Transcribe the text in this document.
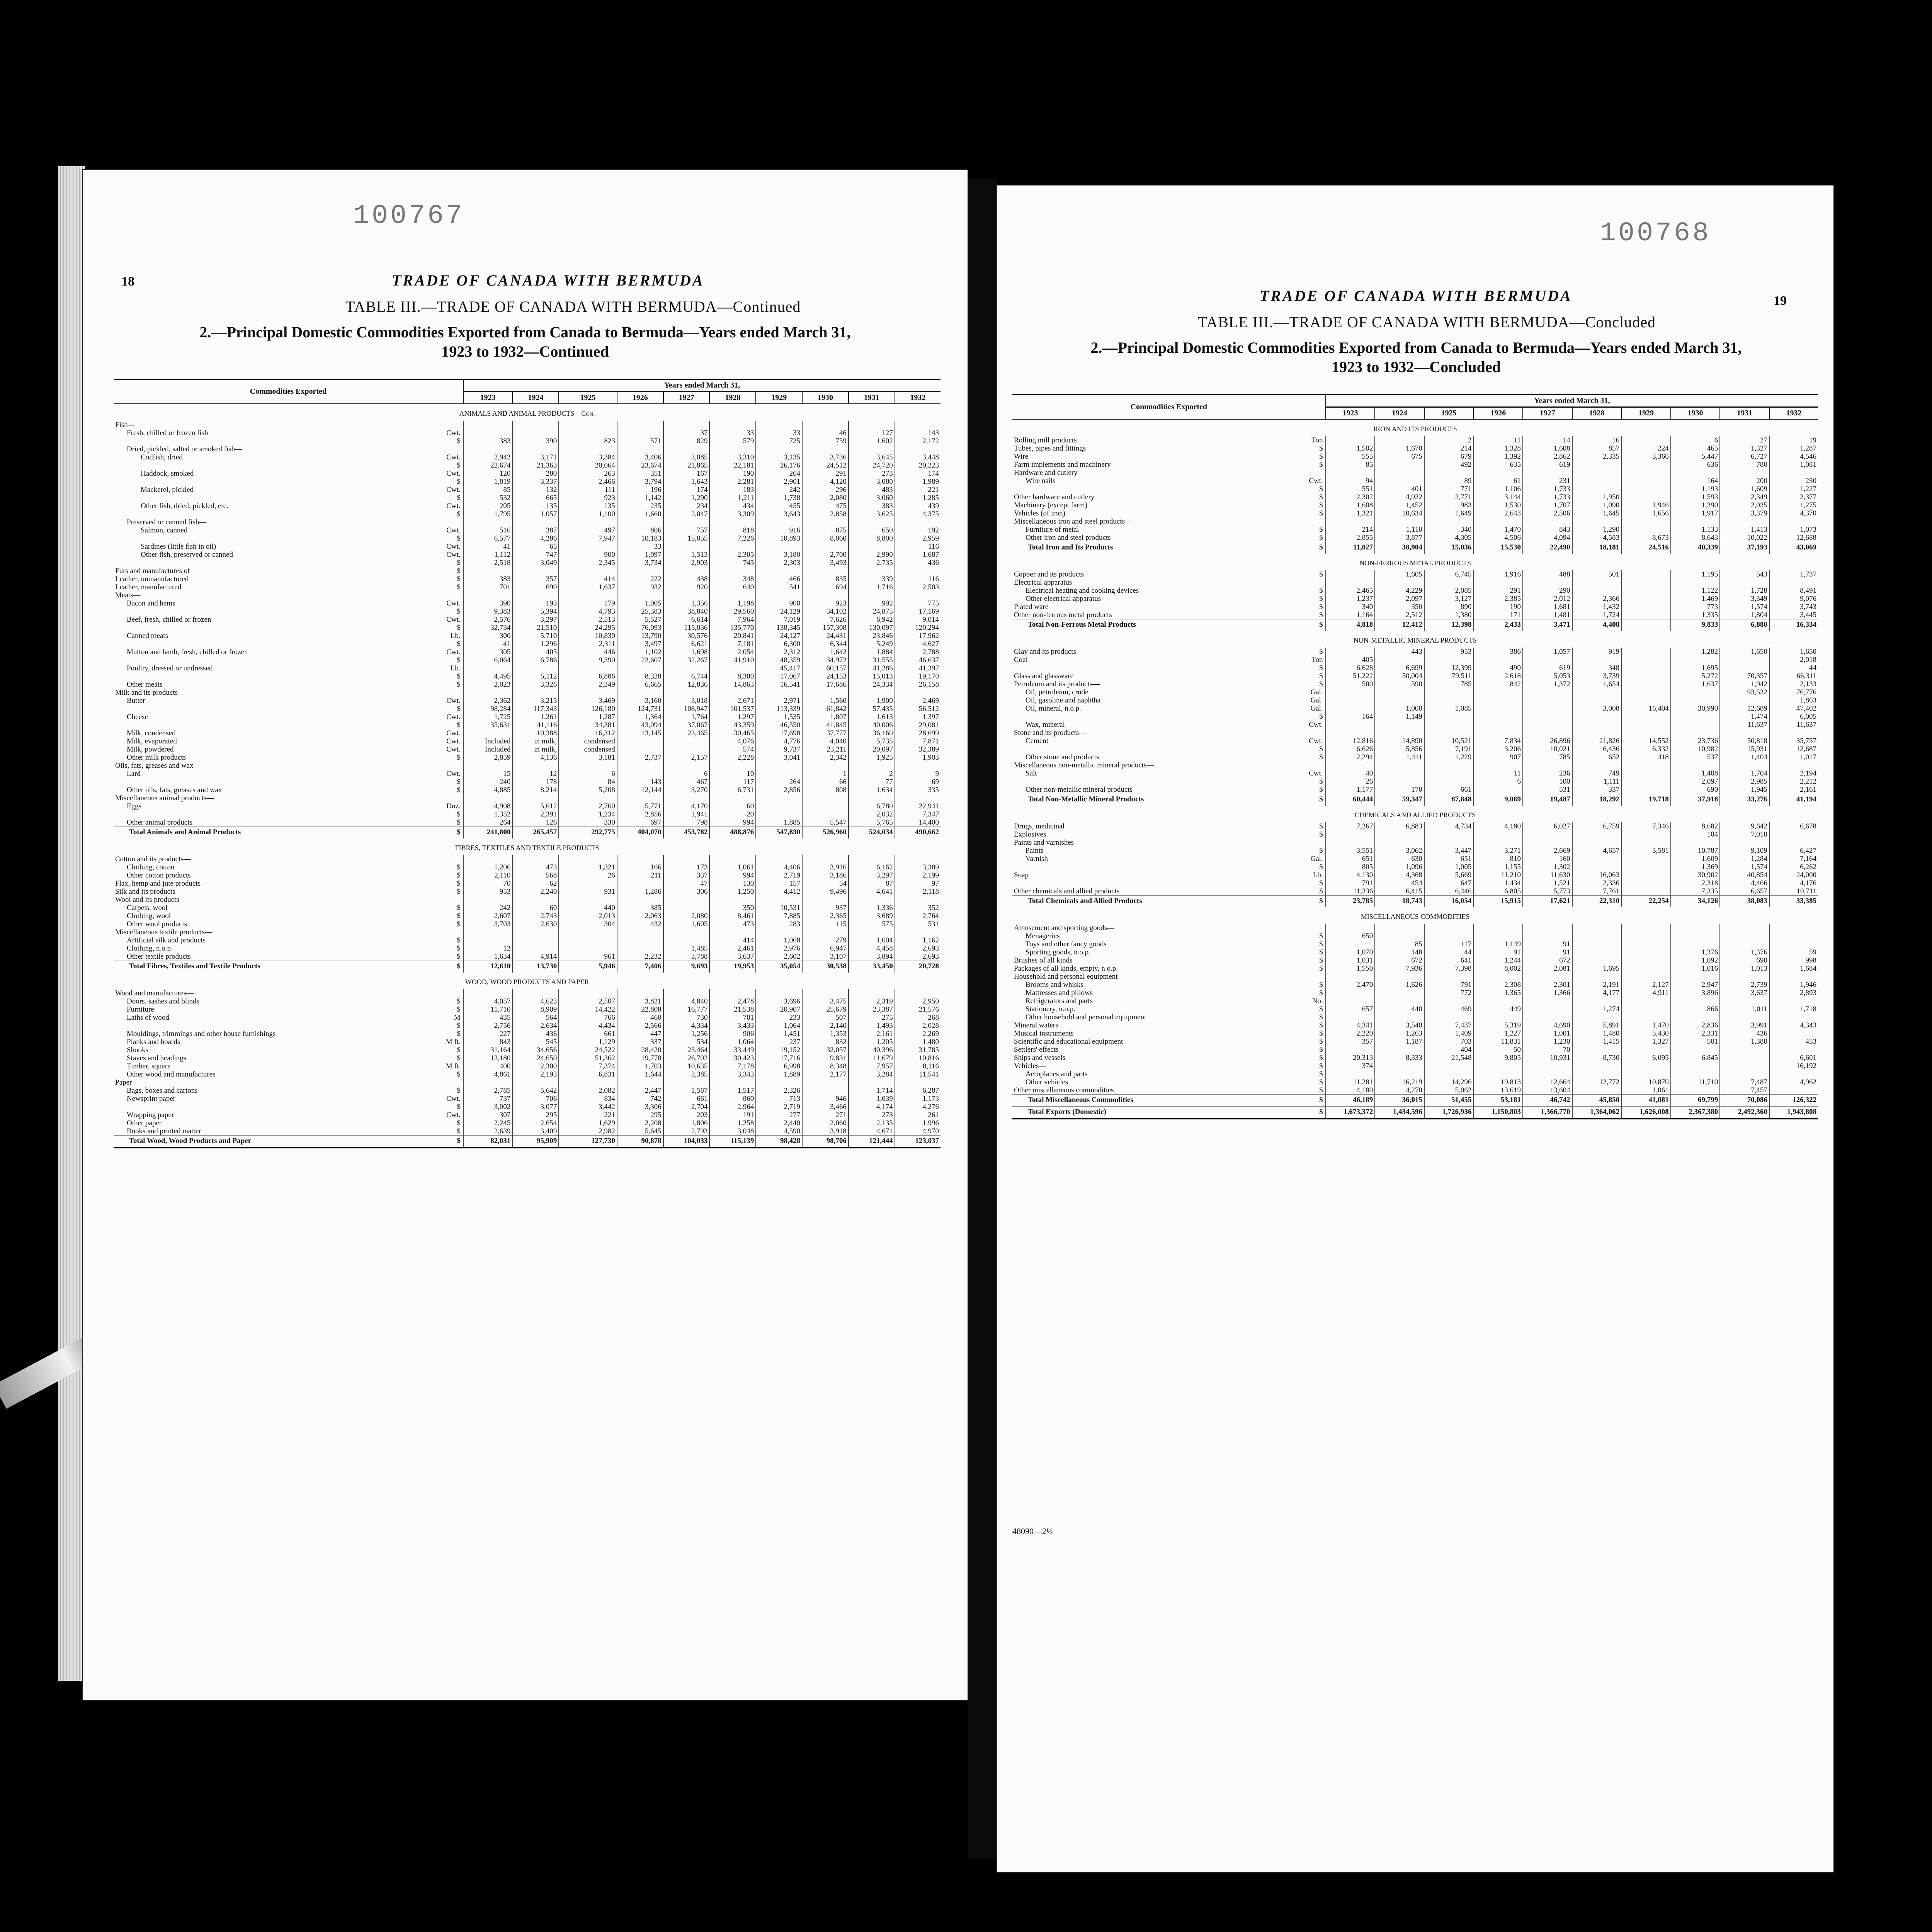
100767
18	TRADE OF CANADA WITH BERMUDA
TABLE III.—TRADE OF CANADA WITH BERMUDA—Continued
2.—Principal Domestic Commodities Exported from Canada to Bermuda—Years ended March 31,
1923 to 1932—Continued
Commodities Exported		Years ended March 31,									
		1923	1924	1925	1926	1927	1928	1929	1930	1931	1932
ANIMALS AND ANIMAL PRODUCTS—Con.											
Fish—											
Fresh, chilled or frozen fish	Cwt.					37	33	33	46	127	143
	$	383	390	823	571	829	579	725	759	1,602	2,172
Dried, pickled, salted or smoked fish—											
Codfish, dried	Cwt.	2,942	3,171	3,384	3,406	3,085	3,310	3,135	3,736	3,645	3,448
	$	22,674	21,363	20,064	23,674	21,865	22,181	26,176	24,512	24,720	20,223
Haddock, smoked	Cwt.	120	280	263	351	167	190	264	291	273	174
	$	1,819	3,337	2,466	3,794	1,643	2,281	2,901	4,120	3,080	1,989
Mackerel, pickled	Cwt.	85	132	111	196	174	183	242	296	483	221
	$	532	665	923	1,142	1,290	1,211	1,738	2,080	3,060	1,285
Other fish, dried, pickled, etc.	Cwt.	205	135	135	235	234	434	455	475	383	439
	$	1,795	1,057	1,100	1,660	2,047	3,309	3,643	2,858	3,625	4,375
Preserved or canned fish—											
Salmon, canned	Cwt.	516	387	497	806	757	818	916	875	650	192
	$	6,577	4,286	7,947	10,183	15,055	7,226	10,893	8,060	8,800	2,959
Sardines (little fish in oil)	Cwt.	41	65		33						116
Other fish, preserved or canned	Cwt.	1,112	747	900	1,097	1,513	2,305	3,180	2,700	2,990	1,687
	$	2,518	3,049	2,345	3,734	2,903	745	2,303	3,493	2,735	436
Furs and manufactures of	$										
Leather, unmanufactured	$	383	357	414	222	438	348	466	835	339	116
Leather, manufactured	$	701	690	1,637	932	920	640	541	694	1,716	2,503
Meats—											
Bacon and hams	Cwt.	390	193	179	1,005	1,356	1,198	900	923	992	775
	$	9,383	5,394	4,793	25,383	38,840	29,560	24,129	34,102	24,875	17,169
Beef, fresh, chilled or frozen	Cwt.	2,576	3,297	2,513	5,527	6,614	7,964	7,019	7,626	6,942	9,014
	$	32,734	21,510	24,295	76,093	115,036	135,770	138,345	157,308	130,097	120,294
Canned meats	Lb.	300	5,710	10,830	13,790	30,576	20,841	24,127	24,431	23,846	17,962
	$	41	1,296	2,311	3,497	6,621	7,181	6,300	6,344	5,249	4,627
Mutton and lamb, fresh, chilled or frozen	Cwt.	305	405	446	1,102	1,698	2,054	2,312	1,642	1,884	2,788
	$	6,064	6,786	9,390	22,607	32,267	41,910	48,359	34,972	31,555	46,637
Poultry, dressed or undressed	Lb.							45,417	60,157	41,286	41,397
	$	4,495	5,112	6,886	8,328	6,744	8,300	17,067	24,153	15,013	19,170
Other meats	$	2,023	3,326	2,349	6,665	12,836	14,863	16,541	17,686	24,334	26,158
Milk and its products—											
Butter	Cwt.	2,362	3,215	3,469	3,160	3,018	2,671	2,971	1,560	1,900	2,469
	$	98,284	117,343	126,180	124,731	108,947	101,537	113,339	61,842	57,435	56,512
Cheese	Cwt.	1,725	1,261	1,287	1,364	1,764	1,297	1,535	1,807	1,613	1,397
	$	35,631	41,116	34,381	43,094	37,067	43,359	46,550	41,845	40,006	29,081
Milk, condensed	Cwt.		10,388	16,312	13,145	23,465	30,465	17,698	37,777	36,160	28,699
Milk, evaporated	Cwt.	Included	in milk,	condensed			4,076	4,776	4,040	5,735	7,871
Milk, powdered	Cwt.	Included	in milk,	condensed			574	9,737	23,211	20,097	32,389
Other milk products	$	2,859	4,136	3,181	2,737	2,157	2,228	3,041	2,342	1,925	1,903
Oils, fats, greases and wax—											
Lard	Cwt.	15	12	6		6	10		1	2	9
	$	240	178	84	143	467	117	264	66	77	69
Other oils, fats, greases and wax	$	4,885	8,214	5,208	12,144	3,270	6,731	2,856	808	1,634	335
Miscellaneous animal products—											
Eggs	Doz.	4,908	5,612	2,760	5,771	4,170	60			6,780	22,941
	$	1,352	2,391	1,234	2,856	1,941	20			2,032	7,347
Other animal products	$	264	126	330	697	798	994	1,885	5,547	5,765	14,400
Total Animals and Animal Products	$	241,800	265,457	292,775	404,070	453,782	488,876	547,830	526,960	524,034	490,662
FIBRES, TEXTILES AND TEXTILE PRODUCTS											
Cotton and its products—											
Clothing, cotton	$	1,206	473	1,321	166	173	1,061	4,406	3,916	6,162	3,389
Other cotton products	$	2,110	568	26	211	337	994	2,719	3,186	3,297	2,199
Flax, hemp and jute products	$	70	62			47	130	157	54	87	97
Silk and its products	$	953	2,240	931	1,286	306	1,250	4,412	9,496	4,641	2,118
Wool and its products—											
Carpets, wool	$	242	60	440	385		350	10,531	937	1,336	352
Clothing, wool	$	2,607	2,743	2,013	2,063	2,080	8,461	7,885	2,365	3,689	2,764
Other wool products	$	3,703	2,630	304	432	1,605	473	283	115	575	531
Miscellaneous textile products—											
Artificial silk and products	$						414	1,068	279	1,604	1,162
Clothing, n.o.p.	$	12				1,485	2,461	2,976	6,947	4,458	2,693
Other textile products	$	1,634	4,914	961	2,232	3,788	3,637	2,602	3,107	3,894	2,693
Total Fibres, Textiles and Textile Products	$	12,610	13,730	5,946	7,406	9,693	19,953	35,054	30,538	33,450	20,728
WOOD, WOOD PRODUCTS AND PAPER											
Wood and manufactures—											
Doors, sashes and blinds	$	4,057	4,623	2,507	3,821	4,840	2,478	3,696	3,475	2,319	2,950
Furniture	$	11,710	8,909	14,422	22,808	16,777	21,538	20,907	25,679	23,387	21,576
Laths of wood	M	435	564	766	460	730	701	233	507	275	268
	$	2,756	2,634	4,434	2,566	4,334	3,433	1,064	2,140	1,493	2,028
Mouldings, trimmings and other house furnishings	$	227	436	661	447	1,256	906	1,451	1,353	2,161	2,269
Planks and boards	M ft.	843	545	1,129	337	534	1,064	237	832	1,205	1,480
Shooks	$	31,164	34,656	24,522	28,420	23,464	33,449	19,152	32,057	40,396	31,785
Staves and headings	$	13,180	24,650	51,362	19,778	26,702	30,423	17,716	9,831	11,679	10,816
Timber, square	M ft.	400	2,300	7,374	1,703	10,635	7,178	6,998	8,348	7,957	8,116
Other wood and manufactures	$	4,861	2,193	6,831	1,644	3,385	3,343	1,889	2,177	3,284	11,541
Paper—											
Bags, boxes and cartons	$	2,785	5,642	2,082	2,447	1,587	1,517	2,326		1,714	6,287
Newsprint paper	Cwt.	737	706	834	742	661	860	713	946	1,039	1,173
	$	3,002	3,077	3,442	3,306	2,704	2,964	2,719	3,466	4,174	4,276
Wrapping paper	Cwt.	307	295	221	295	203	191	277	271	273	261
Other paper	$	2,245	2,654	1,629	2,208	1,806	1,258	2,440	2,060	2,135	1,996
Books and printed matter	$	2,639	3,409	2,982	5,645	2,793	3,048	4,590	3,918	4,671	4,970
Total Wood, Wood Products and Paper	$	82,031	95,909	127,730	90,878	104,033	115,139	98,428	98,706	121,444	123,037
100768
TRADE OF CANADA WITH BERMUDA	19
TABLE III.—TRADE OF CANADA WITH BERMUDA—Concluded
2.—Principal Domestic Commodities Exported from Canada to Bermuda—Years ended March 31,
1923 to 1932—Concluded
Commodities Exported		Years ended March 31,									
		1923	1924	1925	1926	1927	1928	1929	1930	1931	1932
IRON AND ITS PRODUCTS											
Rolling mill products	Ton			2	11	14	16		6	27	19
Tubes, pipes and fittings	$	1,502	1,670	214	1,328	1,608	857	224	465	1,327	1,287
Wire	$	555	675	679	1,392	2,862	2,335	3,366	5,447	6,727	4,546
Farm implements and machinery	$	85		492	635	619			636	780	1,081
Hardware and cutlery—											
Wire nails	Cwt.	94		89	61	231			164	200	230
	$	551	401	771	1,106	1,733			1,193	1,609	1,227
Other hardware and cutlery	$	2,302	4,922	2,771	3,144	1,733	1,950		1,593	2,349	2,377
Machinery (except farm)	$	1,608	1,452	983	1,530	1,707	1,090	1,946	1,390	2,035	1,275
Vehicles (of iron)	$	1,321	10,634	1,649	2,643	2,506	1,645	1,656	1,917	3,379	4,370
Miscellaneous iron and steel products—											
Furniture of metal	$	214	1,110	340	1,470	843	1,290		1,133	1,413	1,073
Other iron and steel products	$	2,855	3,877	4,305	4,506	4,094	4,583	8,673	8,643	10,022	12,688
Total Iron and Its Products	$	11,027	38,904	15,036	15,530	22,490	18,181	24,516	40,339	37,193	43,069
NON-FERROUS METAL PRODUCTS											
Copper and its products	$		1,605	6,745	1,916	488	501		1,195	543	1,737
Electrical apparatus—											
Electrical heating and cooking devices	$	2,465	4,229	2,085	291	290			1,122	1,728	8,491
Other electrical apparatus	$	1,237	2,097	3,127	2,385	2,012	2,366		1,469	3,349	9,076
Plated ware	$	340	350	890	190	1,681	1,432		773	1,574	3,743
Other non-ferrous metal products	$	1,164	2,512	1,380	171	1,481	1,724		1,335	1,804	3,445
Total Non-Ferrous Metal Products	$	4,818	12,412	12,398	2,433	3,471	4,408		9,833	6,880	16,334
NON-METALLIC MINERAL PRODUCTS											
Clay and its products	$		443	953	386	1,057	919		1,282	1,650	1,650
Coal	Ton	405									2,018
	$	6,628	6,699	12,399	490	619	348		1,695		44
Glass and glassware	$	51,222	50,004	79,511	2,618	5,053	3,739		5,272	70,357	66,311
Petroleum and its products—	$	500	590	785	842	1,372	1,654		1,637	1,942	2,133
Oil, petroleum, crude	Gal.									93,532	76,776
Oil, gasoline and naphtha	Gal.										1,863
Oil, mineral, n.o.p.	Gal.		1,000	1,085			3,008	16,404	30,990	12,689	47,402
	$	164	1,149							1,474	6,005
Wax, mineral	Cwt.									11,637	11,637
Stone and its products—											
Cement	Cwt.	12,816	14,890	10,521	7,834	26,896	21,826	14,552	23,736	50,818	35,757
	$	6,626	5,856	7,191	3,206	10,021	6,436	6,332	10,982	15,931	12,687
Other stone and products	$	2,294	1,411	1,229	907	785	652	418	537	1,404	1,017
Miscellaneous non-metallic mineral products—											
Salt	Cwt.	40			11	236	749		1,408	1,704	2,194
	$	26			6	100	1,111		2,097	2,985	2,212
Other non-metallic mineral products	$	1,177	170	661		531	337		690	1,945	2,161
Total Non-Metallic Mineral Products	$	60,444	59,347	87,848	9,069	19,487	18,292	19,718	37,918	33,276	41,194
CHEMICALS AND ALLIED PRODUCTS											
Drugs, medicinal	$	7,267	6,883	4,734	4,180	6,027	6,759	7,346	8,682	9,642	6,678
Explosives	$								104	7,010	
Paints and varnishes—											
Paints	$	3,551	3,062	3,447	3,271	2,669	4,657	3,581	10,787	9,109	6,427
Varnish	Gal.	651	630	651	810	160			1,609	1,284	7,164
	$	805	1,096	1,005	1,155	1,302			1,369	1,574	6,262
Soap	Lb.	4,130	4,368	5,669	11,210	11,630	16,063		30,902	40,854	24,000
	$	791	454	647	1,434	1,521	2,336		2,318	4,466	4,176
Other chemicals and allied products	$	11,336	6,415	6,446	6,805	5,773	7,761		7,335	6,657	10,711
Total Chemicals and Allied Products	$	23,785	18,743	16,054	15,915	17,621	22,310	22,254	34,126	38,083	33,385
MISCELLANEOUS COMMODITIES											
Amusement and sporting goods—											
Menageries	$	650									
Toys and other fancy goods	$		85	117	1,149	91					
Sporting goods, n.o.p.	$	1,070	148	44	91	91			1,376	1,376	59
Brushes of all kinds	$	1,031	672	641	1,244	672			1,092	690	998
Packages of all kinds, empty, n.o.p.	$	1,550	7,936	7,398	8,002	2,081	1,695		1,016	1,013	1,684
Household and personal equipment—											
Brooms and whisks	$	2,470	1,626	791	2,308	2,301	2,191	2,127	2,947	2,739	1,946
Mattresses and pillows	$			772	1,365	1,366	4,177	4,911	3,896	3,637	2,893
Refrigerators and parts	No.										
Stationery, n.o.p.	$	657	440	469	449		1,274		866	1,011	1,718
Other household and personal equipment	$										
Mineral waters	$	4,341	3,540	7,437	5,319	4,690	5,891	1,470	2,836	3,991	4,343
Musical instruments	$	2,220	1,263	1,409	1,227	1,001	1,480	5,430	2,331	436	
Scientific and educational equipment	$	357	1,187	703	11,831	1,230	1,415	1,327	501	1,380	453
Settlers' effects	$			404	50	70					
Ships and vessels	$	20,313	8,333	21,548	9,805	10,931	8,730	6,095	6,845		6,601
Vehicles—	$	374									16,192
Aeroplanes and parts	$										
Other vehicles	$	11,281	16,219	14,296	19,813	12,664	12,772	10,870	11,710	7,487	4,962
Other miscellaneous commodities	$	4,180	4,270	5,062	13,619	13,604		1,061		7,457	
Total Miscellaneous Commodities	$	46,189	36,015	51,455	53,181	46,742	45,850	41,081	69,799	70,086	126,322
Total Exports (Domestic)	$	1,673,372	1,434,596	1,726,936	1,150,803	1,366,770	1,364,062	1,626,008	2,367,380	2,492,360	1,943,808
48090—2½
